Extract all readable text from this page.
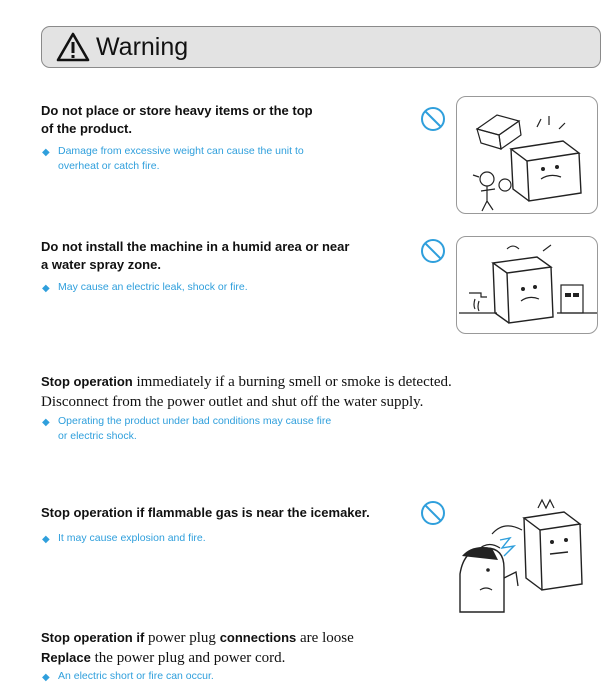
Warning
Do not place or store heavy items or the top
of the product.
◆ Damage from excessive weight can cause the unit to
overheat or catch fire.
Do not install the machine in a humid area or near
a water spray zone.
◆ May cause an electric leak, shock or fire.
Stop operation immediately if a burning smell or smoke is detected.
Disconnect from the power outlet and shut off the water supply.
◆ Operating the product under bad conditions may cause fire
or electric shock.
Stop operation if flammable gas is near the icemaker.
◆ It may cause explosion and fire.
Stop operation if power plug connections are loose
Replace the power plug and power cord.
◆ An electric short or fire can occur.
